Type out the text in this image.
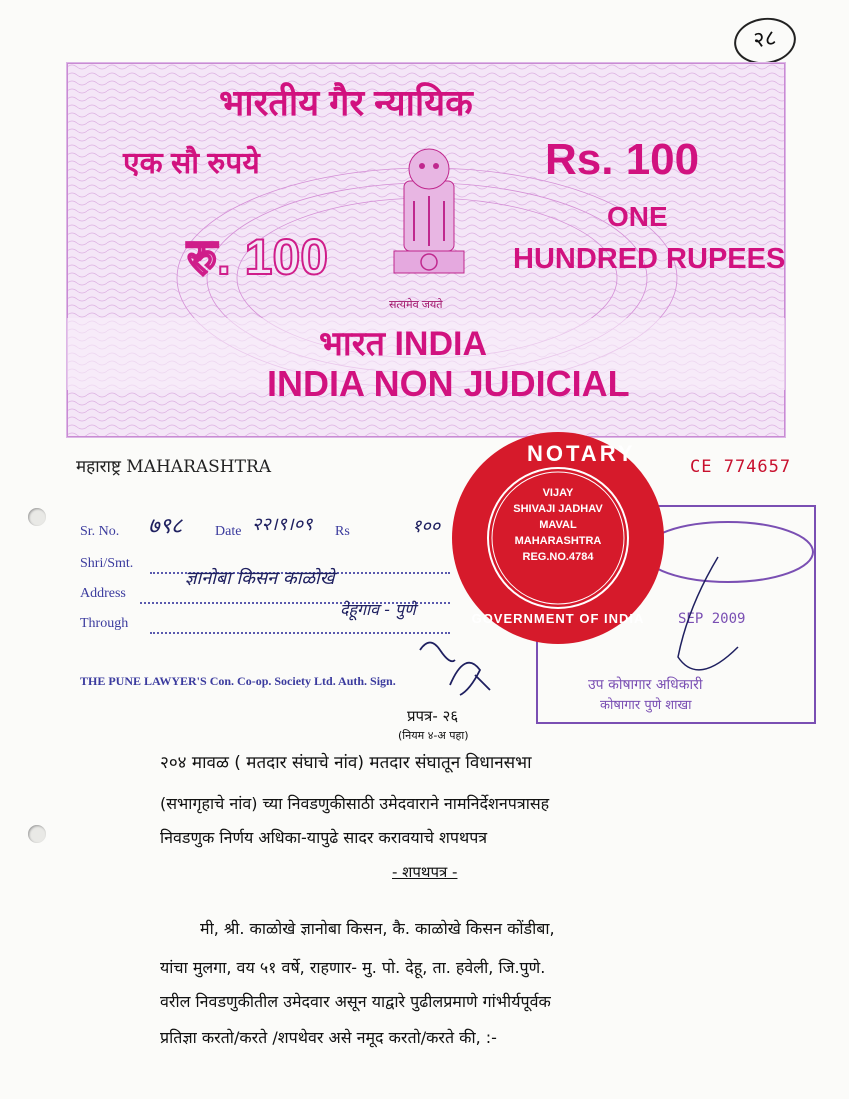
२८
भारतीय गैर न्यायिक
एक सौ रुपये	Rs. 100
रु. 100
ONE
HUNDRED RUPEES
सत्यमेव जयते
भारत INDIA
INDIA NON JUDICIAL
महाराष्ट्र MAHARASHTRA	CE 774657
Sr. No. ७९८ Date २२।९।०९ Rs	१००
Shri/Smt.
ज्ञानोबा किसन काळोखे
Address
देहूगाव - पुणे
Through
THE PUNE LAWYER'S Con. Co-op. Society Ltd. Auth. Sign.
SEP 2009
उप कोषागार अधिकारी
कोषागार पुणे शाखा
NOTARY
GOVERNMENT OF INDIA
VIJAY
SHIVAJI JADHAV
MAVAL
MAHARASHTRA
REG.NO.4784
प्रपत्र- २६
(नियम ४-अ पहा)
२०४ मावळ ( मतदार संघाचे नांव) मतदार संघातून विधानसभा
(सभागृहाचे नांव) च्या निवडणुकीसाठी उमेदवाराने नामनिर्देशनपत्रासह
निवडणुक निर्णय अधिका-यापुढे सादर करावयाचे शपथपत्र
- शपथपत्र -
मी, श्री. काळोखे ज्ञानोबा किसन, कै. काळोखे किसन कोंडीबा,
यांचा मुलगा, वय ५१ वर्षे, राहणार- मु. पो. देहू, ता. हवेली, जि.पुणे.
वरील निवडणुकीतील उमेदवार असून याद्वारे पुढीलप्रमाणे गांभीर्यपूर्वक
प्रतिज्ञा करतो/करते /शपथेवर असे नमूद करतो/करते की, :-
